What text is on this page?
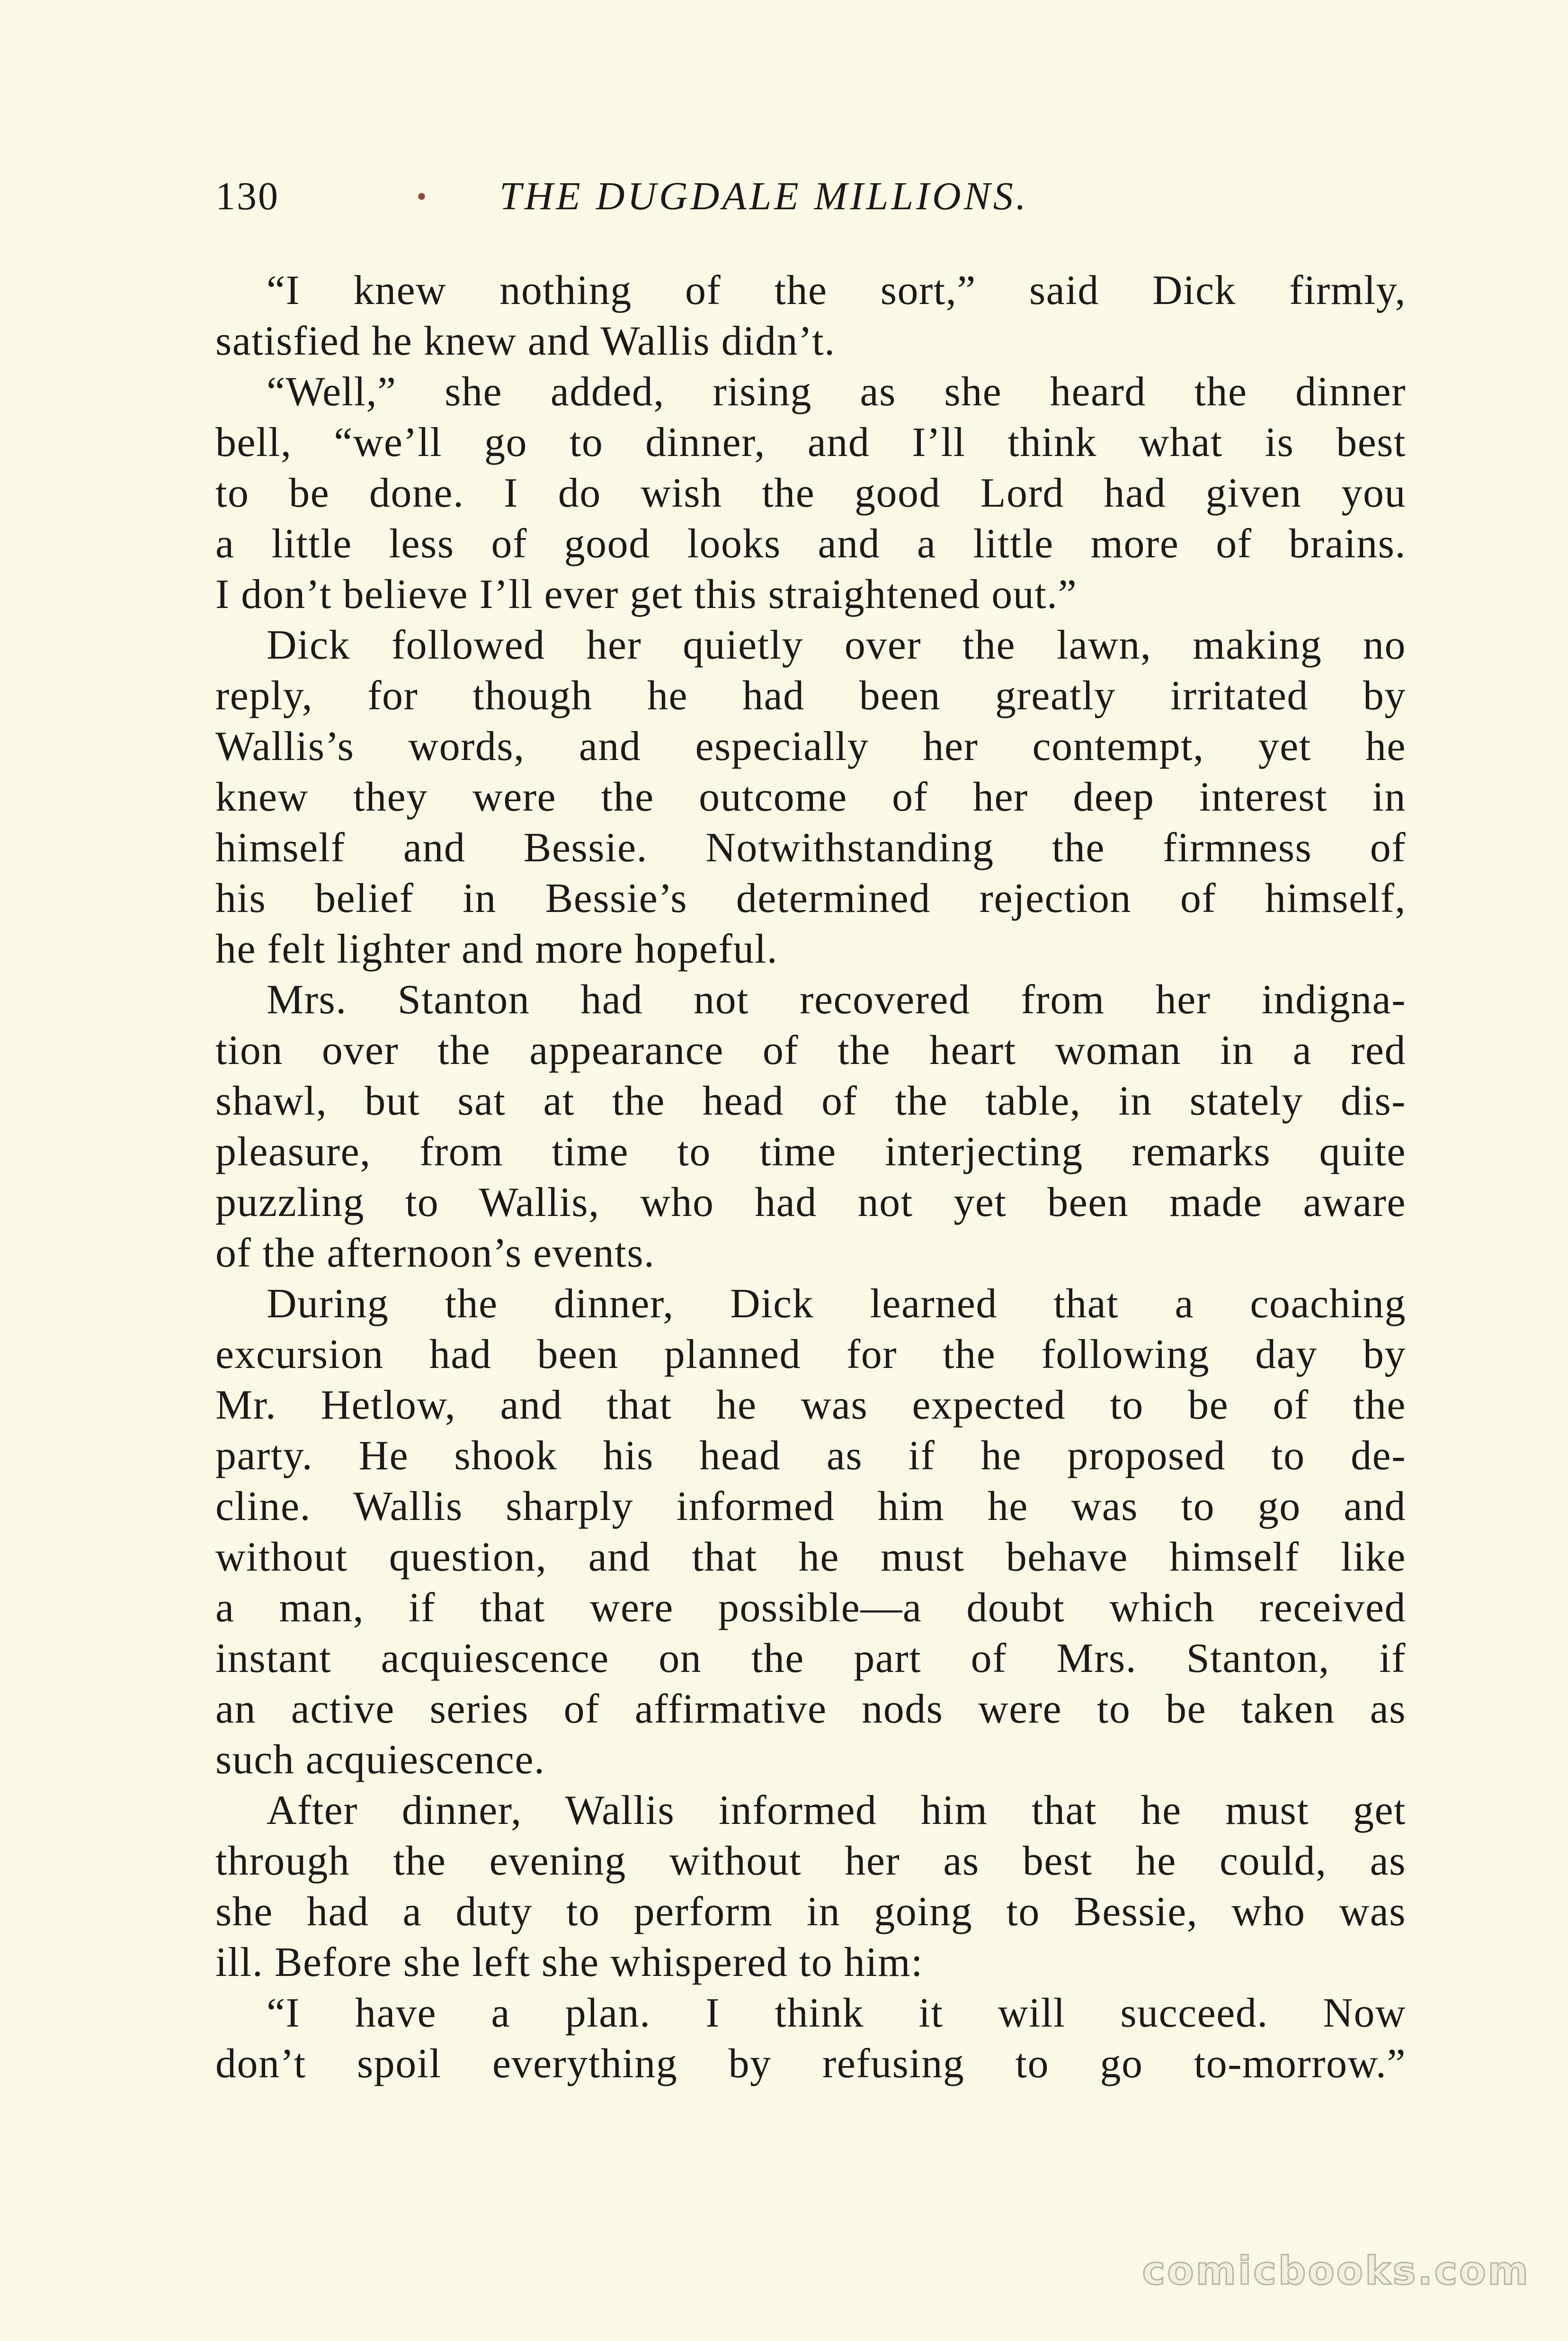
130	• THE DUGDALE MILLIONS.
“I knew nothing of the sort,” said Dick firmly,
satisfied he knew and Wallis didn’t.
“Well,” she added, rising as she heard the dinner
bell, “we’ll go to dinner, and I’ll think what is best
to be done. I do wish the good Lord had given you
a little less of good looks and a little more of brains.
I don’t believe I’ll ever get this straightened out.”
Dick followed her quietly over the lawn, making no
reply, for though he had been greatly irritated by
Wallis’s words, and especially her contempt, yet he
knew they were the outcome of her deep interest in
himself and Bessie. Notwithstanding the firmness of
his belief in Bessie’s determined rejection of himself,
he felt lighter and more hopeful.
Mrs. Stanton had not recovered from her indigna-
tion over the appearance of the heart woman in a red
shawl, but sat at the head of the table, in stately dis-
pleasure, from time to time interjecting remarks quite
puzzling to Wallis, who had not yet been made aware
of the afternoon’s events.
During the dinner, Dick learned that a coaching
excursion had been planned for the following day by
Mr. Hetlow, and that he was expected to be of the
party. He shook his head as if he proposed to de-
cline. Wallis sharply informed him he was to go and
without question, and that he must behave himself like
a man, if that were possible—a doubt which received
instant acquiescence on the part of Mrs. Stanton, if
an active series of affirmative nods were to be taken as
such acquiescence.
After dinner, Wallis informed him that he must get
through the evening without her as best he could, as
she had a duty to perform in going to Bessie, who was
ill. Before she left she whispered to him:
“I have a plan. I think it will succeed. Now
don’t spoil everything by refusing to go to-morrow.”
comicbooks.com
